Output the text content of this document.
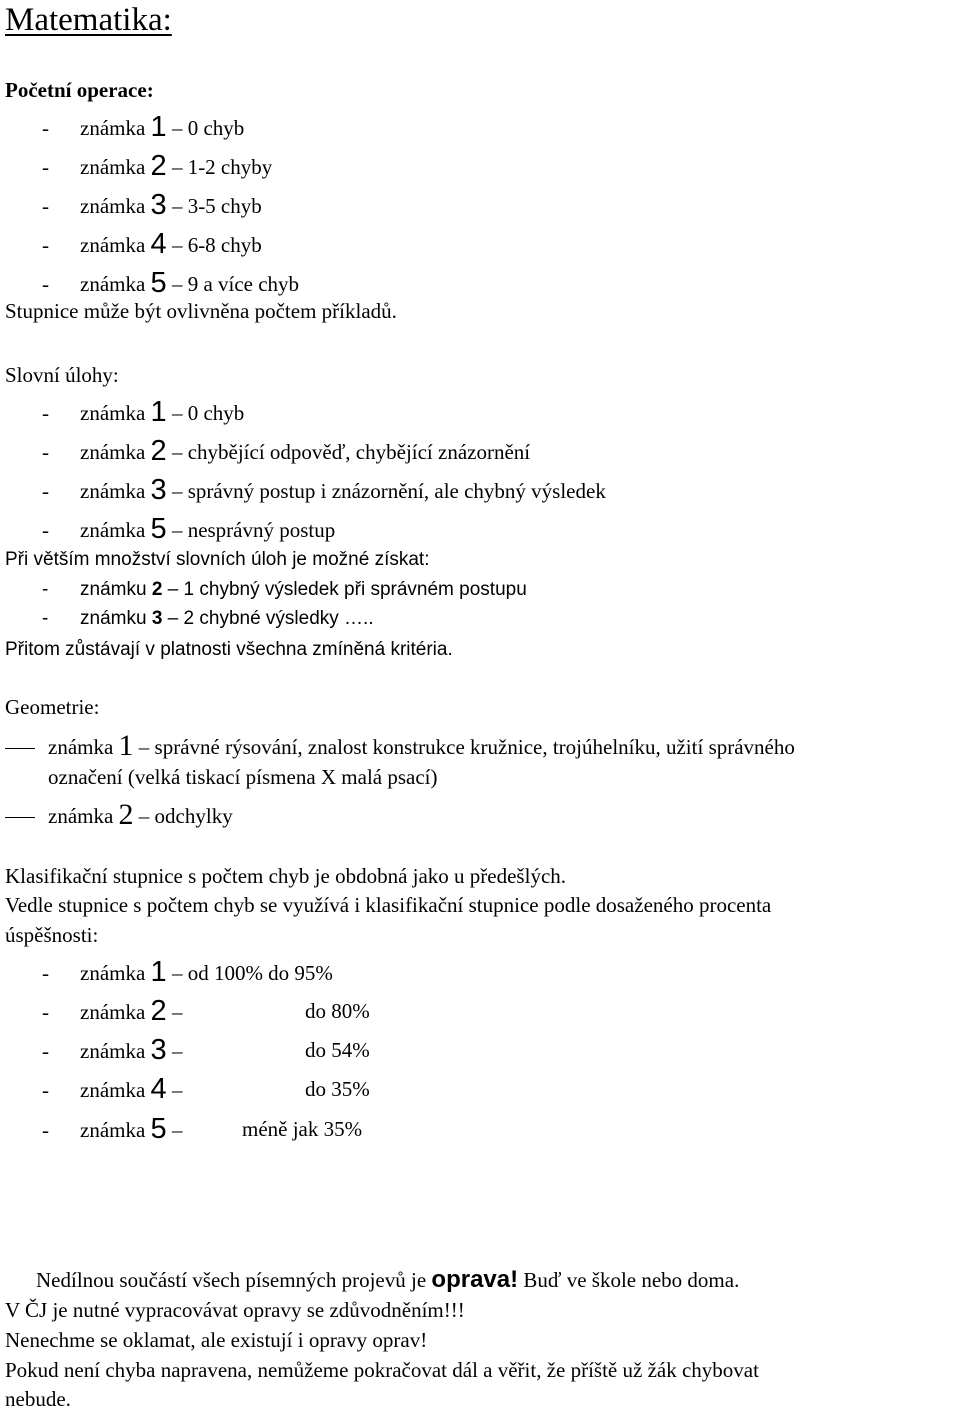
Matematika:
Početní operace:
- známka 1 – 0 chyb
- známka 2 – 1-2 chyby
- známka 3 – 3-5 chyb
- známka 4 – 6-8 chyb
- známka 5 – 9 a více chyb
Stupnice může být ovlivněna počtem příkladů.
Slovní úlohy:
- známka 1 – 0 chyb
- známka 2 – chybějící odpověď, chybějící znázornění
- známka 3 – správný postup i znázornění, ale chybný výsledek
- známka 5 – nesprávný postup
Při větším množství slovních úloh je možné získat:
- známku 2 – 1 chybný výsledek při správném postupu
- známku 3 – 2 chybné výsledky …..
Přitom zůstávají v platnosti všechna zmíněná kritéria.
Geometrie:
známka 1 – správné rýsování, znalost konstrukce kružnice, trojúhelníku, užití správného
označení (velká tiskací písmena X malá psací)
známka 2 – odchylky
Klasifikační stupnice s počtem chyb je obdobná jako u předešlých.
Vedle stupnice s počtem chyb se využívá i klasifikační stupnice podle dosaženého procenta
úspěšnosti:
- známka 1 – od 100% do 95%
- známka 2 –	do 80%
- známka 3 –	do 54%
- známka 4 –	do 35%
- známka 5 –	méně jak 35%
Nedílnou součástí všech písemných projevů je oprava! Buď ve škole nebo doma.
V ČJ je nutné vypracovávat opravy se zdůvodněním!!!
Nenechme se oklamat, ale existují i opravy oprav!
Pokud není chyba napravena, nemůžeme pokračovat dál a věřit, že příště už žák chybovat
nebude.
